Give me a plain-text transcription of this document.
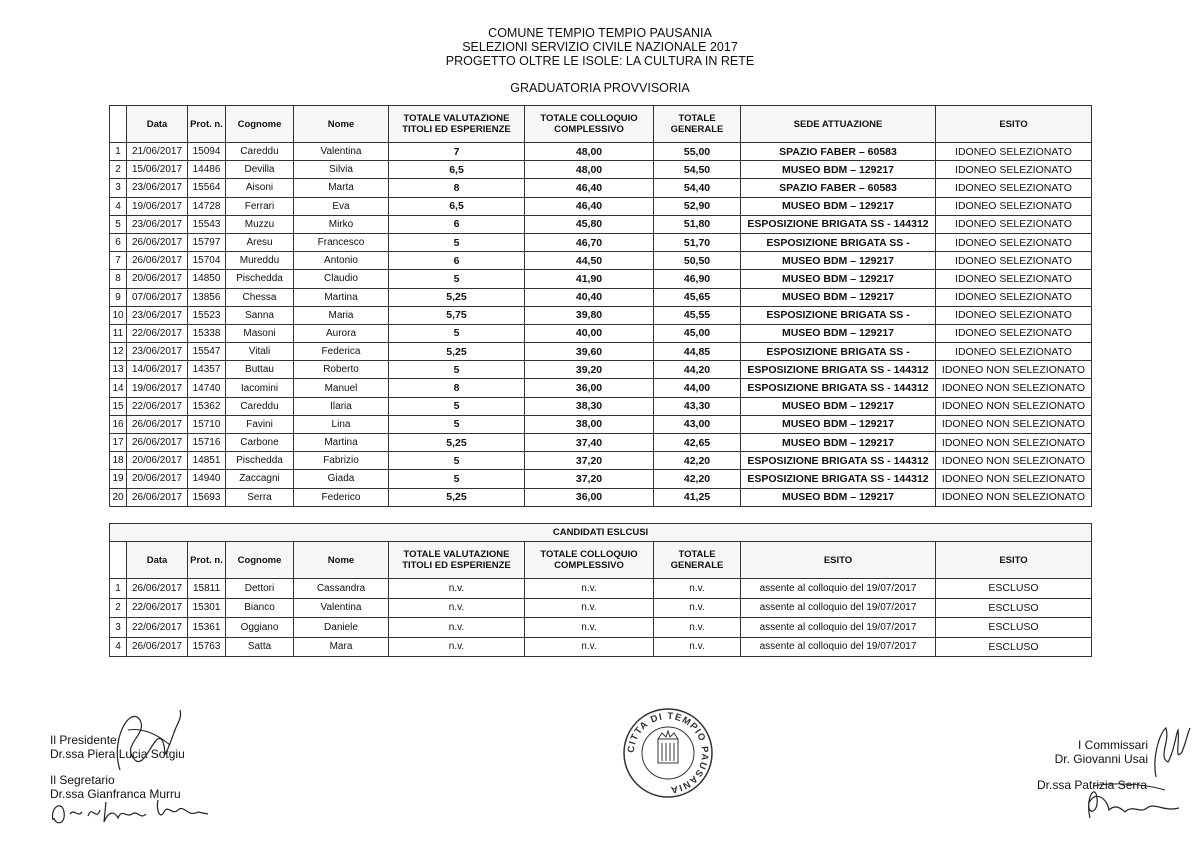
COMUNE TEMPIO TEMPIO PAUSANIA
SELEZIONI SERVIZIO CIVILE NAZIONALE 2017
PROGETTO OLTRE LE ISOLE: LA CULTURA IN RETE
GRADUATORIA PROVVISORIA
	Data	Prot. n.	Cognome	Nome	TOTALE VALUTAZIONE TITOLI ED ESPERIENZE	TOTALE COLLOQUIO COMPLESSIVO	TOTALE GENERALE	SEDE ATTUAZIONE	ESITO
1	21/06/2017	15094	Careddu	Valentina	7	48,00	55,00	SPAZIO FABER – 60583	IDONEO SELEZIONATO
2	15/06/2017	14486	Devilla	Silvia	6,5	48,00	54,50	MUSEO BDM – 129217	IDONEO SELEZIONATO
3	23/06/2017	15564	Aisoni	Marta	8	46,40	54,40	SPAZIO FABER – 60583	IDONEO SELEZIONATO
4	19/06/2017	14728	Ferrari	Eva	6,5	46,40	52,90	MUSEO BDM – 129217	IDONEO SELEZIONATO
5	23/06/2017	15543	Muzzu	Mirko	6	45,80	51,80	ESPOSIZIONE BRIGATA SS - 144312	IDONEO SELEZIONATO
6	26/06/2017	15797	Aresu	Francesco	5	46,70	51,70	ESPOSIZIONE BRIGATA SS -	IDONEO SELEZIONATO
7	26/06/2017	15704	Mureddu	Antonio	6	44,50	50,50	MUSEO BDM – 129217	IDONEO SELEZIONATO
8	20/06/2017	14850	Pischedda	Claudio	5	41,90	46,90	MUSEO BDM – 129217	IDONEO SELEZIONATO
9	07/06/2017	13856	Chessa	Martina	5,25	40,40	45,65	MUSEO BDM – 129217	IDONEO SELEZIONATO
10	23/06/2017	15523	Sanna	Maria	5,75	39,80	45,55	ESPOSIZIONE BRIGATA SS -	IDONEO SELEZIONATO
11	22/06/2017	15338	Masoni	Aurora	5	40,00	45,00	MUSEO BDM – 129217	IDONEO SELEZIONATO
12	23/06/2017	15547	Vitali	Federica	5,25	39,60	44,85	ESPOSIZIONE BRIGATA SS -	IDONEO SELEZIONATO
13	14/06/2017	14357	Buttau	Roberto	5	39,20	44,20	ESPOSIZIONE BRIGATA SS - 144312	IDONEO NON SELEZIONATO
14	19/06/2017	14740	Iacomini	Manuel	8	36,00	44,00	ESPOSIZIONE BRIGATA SS - 144312	IDONEO NON SELEZIONATO
15	22/06/2017	15362	Careddu	Ilaria	5	38,30	43,30	MUSEO BDM – 129217	IDONEO NON SELEZIONATO
16	26/06/2017	15710	Favini	Lina	5	38,00	43,00	MUSEO BDM – 129217	IDONEO NON SELEZIONATO
17	26/06/2017	15716	Carbone	Martina	5,25	37,40	42,65	MUSEO BDM – 129217	IDONEO NON SELEZIONATO
18	20/06/2017	14851	Pischedda	Fabrizio	5	37,20	42,20	ESPOSIZIONE BRIGATA SS - 144312	IDONEO NON SELEZIONATO
19	20/06/2017	14940	Zaccagni	Giada	5	37,20	42,20	ESPOSIZIONE BRIGATA SS - 144312	IDONEO NON SELEZIONATO
20	26/06/2017	15693	Serra	Federico	5,25	36,00	41,25	MUSEO BDM – 129217	IDONEO NON SELEZIONATO
CANDIDATI ESLCUSI									
	Data	Prot. n.	Cognome	Nome	TOTALE VALUTAZIONE TITOLI ED ESPERIENZE	TOTALE COLLOQUIO COMPLESSIVO	TOTALE GENERALE	ESITO	ESITO
1	26/06/2017	15811	Dettori	Cassandra	n.v.	n.v.	n.v.	assente al colloquio del 19/07/2017	ESCLUSO
2	22/06/2017	15301	Bianco	Valentina	n.v.	n.v.	n.v.	assente al colloquio del 19/07/2017	ESCLUSO
3	22/06/2017	15361	Oggiano	Daniele	n.v.	n.v.	n.v.	assente al colloquio del 19/07/2017	ESCLUSO
4	26/06/2017	15763	Satta	Mara	n.v.	n.v.	n.v.	assente al colloquio del 19/07/2017	ESCLUSO
Il Presidente
Dr.ssa Piera Lucia Sotgiu
Il Segretario
Dr.ssa Gianfranca Murru
CITTA DI TEMPIO PAUSANIA
I Commissari
Dr. Giovanni Usai
Dr.ssa Patrizia Serra
